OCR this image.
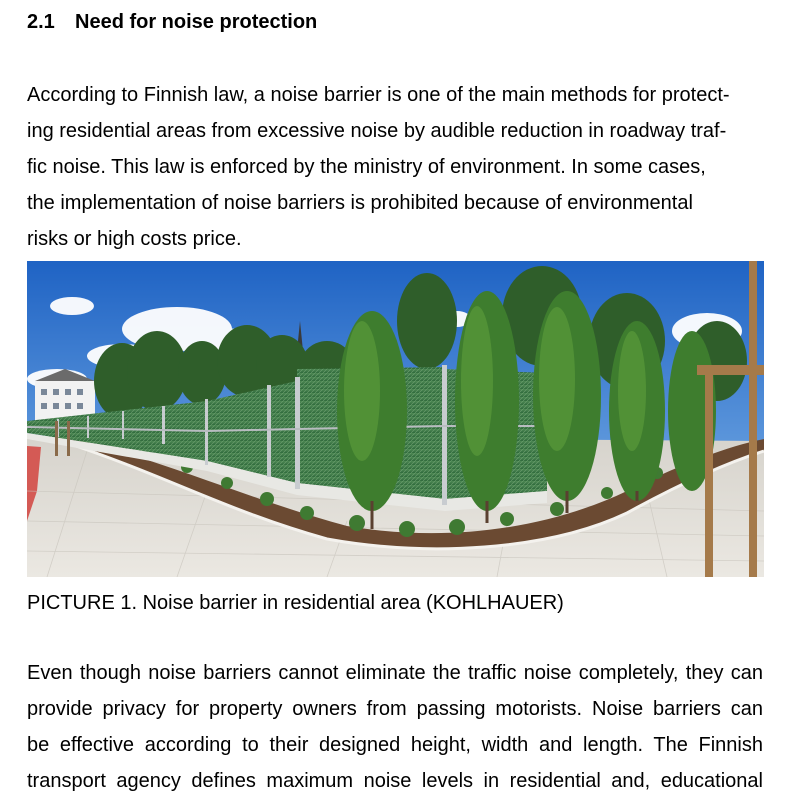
2.1 Need for noise protection
According to Finnish law, a noise barrier is one of the main methods for protect-
ing residential areas from excessive noise by audible reduction in roadway traf-
fic noise. This law is enforced by the ministry of environment. In some cases,
the implementation of noise barriers is prohibited because of environmental
risks or high costs price.
PICTURE 1. Noise barrier in residential area (KOHLHAUER)
Even though noise barriers cannot eliminate the traffic noise completely, they can
provide privacy for property owners from passing motorists. Noise barriers can
be effective according to their designed height, width and length. The Finnish
transport agency defines maximum noise levels in residential and, educational
